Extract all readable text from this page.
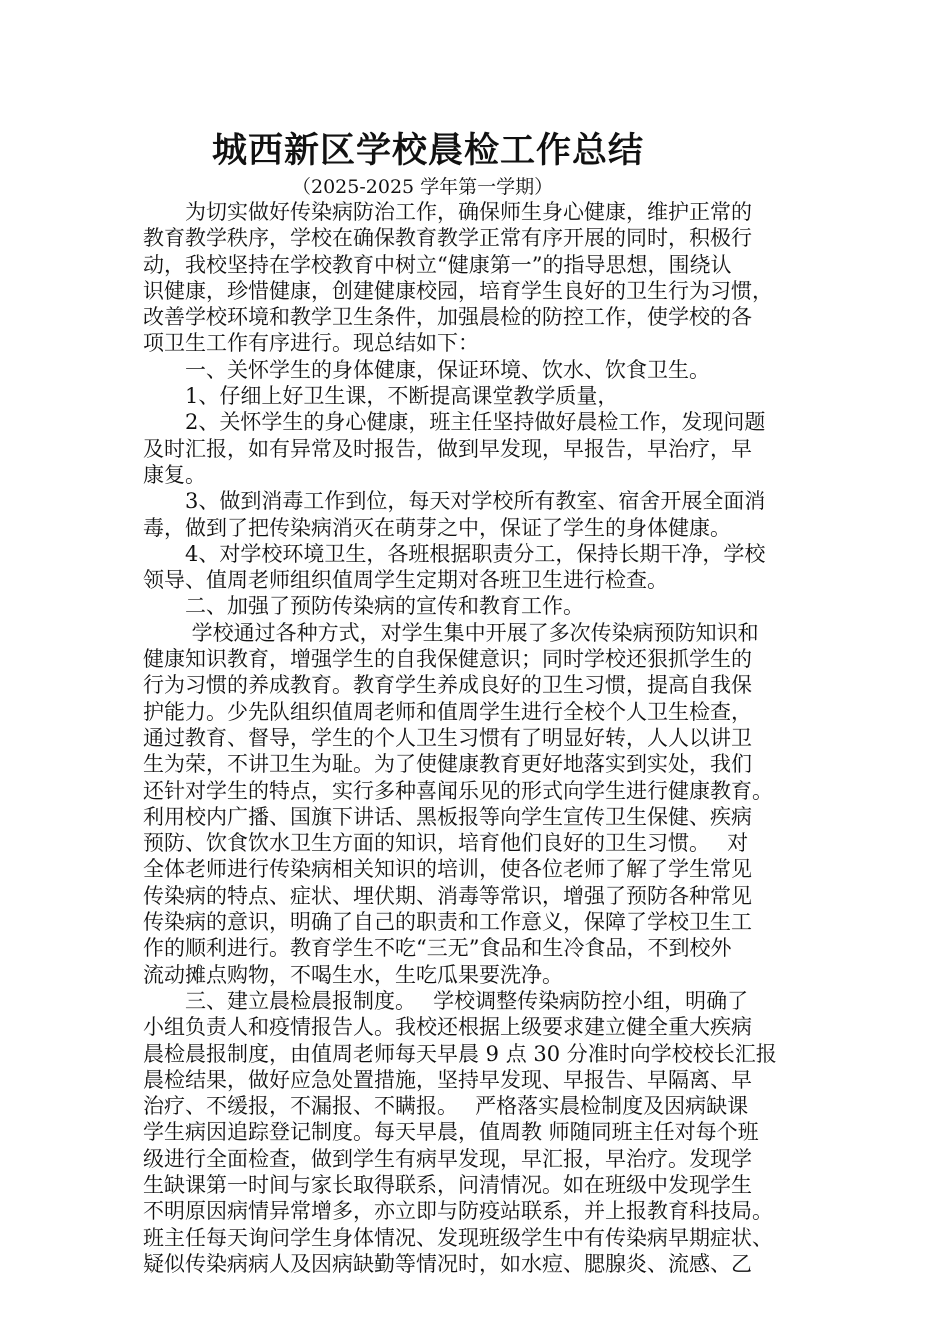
城西新区学校晨检工作总结
（2025-2025 学年第一学期）
　　为切实做好传染病防治工作，确保师生身心健康，维护正常的
教育教学秩序，学校在确保教育教学正常有序开展的同时，积极行
动，我校坚持在学校教育中树立“健康第一”的指导思想，围绕认
识健康，珍惜健康，创建健康校园，培育学生良好的卫生行为习惯，
改善学校环境和教学卫生条件，加强晨检的防控工作，使学校的各
项卫生工作有序进行。现总结如下：
　　一、关怀学生的身体健康，保证环境、饮水、饮食卫生。
　　1、仔细上好卫生课，不断提高课堂教学质量，
　　2、关怀学生的身心健康，班主任坚持做好晨检工作，发现问题
及时汇报，如有异常及时报告，做到早发现，早报告，早治疗，早
康复。
　　3、做到消毒工作到位，每天对学校所有教室、宿舍开展全面消
毒，做到了把传染病消灭在萌芽之中，保证了学生的身体健康。
　　4、对学校环境卫生，各班根据职责分工，保持长期干净，学校
领导、值周老师组织值周学生定期对各班卫生进行检查。
　　二、加强了预防传染病的宣传和教育工作。
　　 学校通过各种方式，对学生集中开展了多次传染病预防知识和
健康知识教育，增强学生的自我保健意识；同时学校还狠抓学生的
行为习惯的养成教育。教育学生养成良好的卫生习惯，提高自我保
护能力。少先队组织值周老师和值周学生进行全校个人卫生检查，
通过教育、督导，学生的个人卫生习惯有了明显好转，人人以讲卫
生为荣，不讲卫生为耻。为了使健康教育更好地落实到实处，我们
还针对学生的特点，实行多种喜闻乐见的形式向学生进行健康教育。
利用校内广播、国旗下讲话、黑板报等向学生宣传卫生保健、疾病
预防、饮食饮水卫生方面的知识，培育他们良好的卫生习惯。　 对
全体老师进行传染病相关知识的培训，使各位老师了解了学生常见
传染病的特点、症状、埋伏期、消毒等常识，增强了预防各种常见
传染病的意识，明确了自己的职责和工作意义，保障了学校卫生工
作的顺利进行。教育学生不吃“三无”食品和生冷食品，不到校外
流动摊点购物，不喝生水，生吃瓜果要洗净。
　　三、建立晨检晨报制度。　 学校调整传染病防控小组，明确了
小组负责人和疫情报告人。我校还根据上级要求建立健全重大疾病
晨检晨报制度，由值周老师每天早晨 9 点 30 分准时向学校校长汇报
晨检结果，做好应急处置措施，坚持早发现、早报告、早隔离、早
治疗、不缓报，不漏报、不瞒报。　 严格落实晨检制度及因病缺课
学生病因追踪登记制度。每天早晨，值周教 师随同班主任对每个班
级进行全面检查，做到学生有病早发现，早汇报，早治疗。发现学
生缺课第一时间与家长取得联系，问清情况。如在班级中发现学生
不明原因病情异常增多，亦立即与防疫站联系，并上报教育科技局。
班主任每天询问学生身体情况、发现班级学生中有传染病早期症状、
疑似传染病病人及因病缺勤等情况时，如水痘、腮腺炎、流感、乙
